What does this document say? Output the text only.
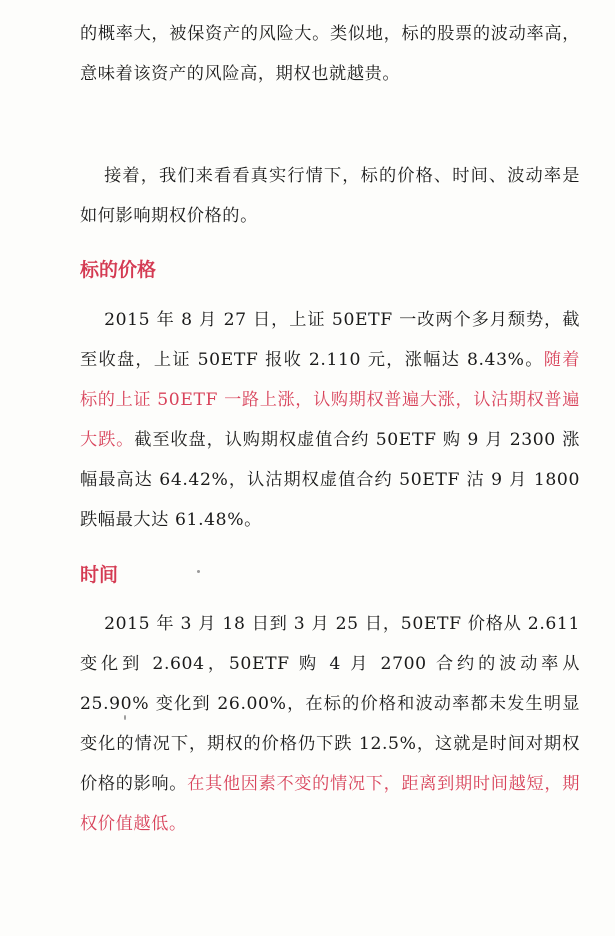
的概率大，被保资产的风险大。类似地，标的股票的波动率高，意味着该资产的风险高，期权也就越贵。

接着，我们来看看真实行情下，标的价格、时间、波动率是如何影响期权价格的。

标的价格

2015 年 8 月 27 日，上证 50ETF 一改两个多月颓势，截至收盘，上证 50ETF 报收 2.110 元，涨幅达 8.43%。随着标的上证 50ETF 一路上涨，认购期权普遍大涨，认沽期权普遍大跌。截至收盘，认购期权虚值合约 50ETF 购 9 月 2300 涨幅最高达 64.42%，认沽期权虚值合约 50ETF 沽 9 月 1800 跌幅最大达 61.48%。

时间

2015 年 3 月 18 日到 3 月 25 日，50ETF 价格从 2.611 变化到 2.604，50ETF 购 4 月 2700 合约的波动率从 25.90% 变化到 26.00%，在标的价格和波动率都未发生明显变化的情况下，期权的价格仍下跌 12.5%，这就是时间对期权价格的影响。在其他因素不变的情况下，距离到期时间越短，期权价值越低。
